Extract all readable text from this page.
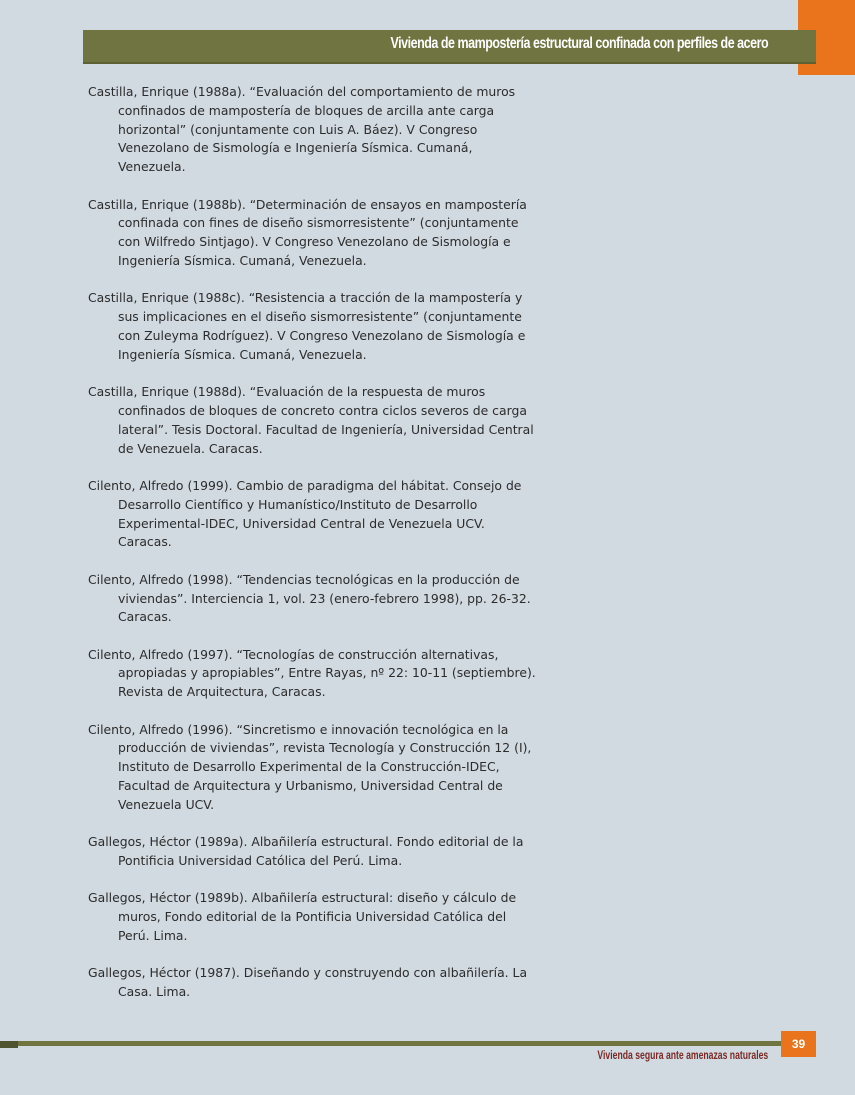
Vivienda de mampostería estructural confinada con perfiles de acero

Castilla, Enrique (1988a). “Evaluación del comportamiento de muros confinados de mampostería de bloques de arcilla ante carga horizontal” (conjuntamente con Luis A. Báez). V Congreso Venezolano de Sismología e Ingeniería Sísmica. Cumaná, Venezuela.

Castilla, Enrique (1988b). “Determinación de ensayos en mampostería confinada con fines de diseño sismorresistente” (conjuntamente con Wilfredo Sintjago). V Congreso Venezolano de Sismología e Ingeniería Sísmica. Cumaná, Venezuela.

Castilla, Enrique (1988c). “Resistencia a tracción de la mampostería y sus implicaciones en el diseño sismorresistente” (conjuntamente con Zuleyma Rodríguez). V Congreso Venezolano de Sismología e Ingeniería Sísmica. Cumaná, Venezuela.

Castilla, Enrique (1988d). “Evaluación de la respuesta de muros confinados de bloques de concreto contra ciclos severos de carga lateral”. Tesis Doctoral. Facultad de Ingeniería, Universidad Central de Venezuela. Caracas.

Cilento, Alfredo (1999). Cambio de paradigma del hábitat. Consejo de Desarrollo Científico y Humanístico/Instituto de Desarrollo Experimental-IDEC, Universidad Central de Venezuela UCV. Caracas.

Cilento, Alfredo (1998). “Tendencias tecnológicas en la producción de viviendas”. Interciencia 1, vol. 23 (enero-febrero 1998), pp. 26-32. Caracas.

Cilento, Alfredo (1997). “Tecnologías de construcción alternativas, apropiadas y apropiables”, Entre Rayas, nº 22: 10-11 (septiembre). Revista de Arquitectura, Caracas.

Cilento, Alfredo (1996). “Sincretismo e innovación tecnológica en la producción de viviendas”, revista Tecnología y Construcción 12 (I), Instituto de Desarrollo Experimental de la Construcción-IDEC, Facultad de Arquitectura y Urbanismo, Universidad Central de Venezuela UCV.

Gallegos, Héctor (1989a). Albañilería estructural. Fondo editorial de la Pontificia Universidad Católica del Perú. Lima.

Gallegos, Héctor (1989b). Albañilería estructural: diseño y cálculo de muros, Fondo editorial de la Pontificia Universidad Católica del Perú. Lima.

Gallegos, Héctor (1987). Diseñando y construyendo con albañilería. La Casa. Lima.

39
Vivienda segura ante amenazas naturales
